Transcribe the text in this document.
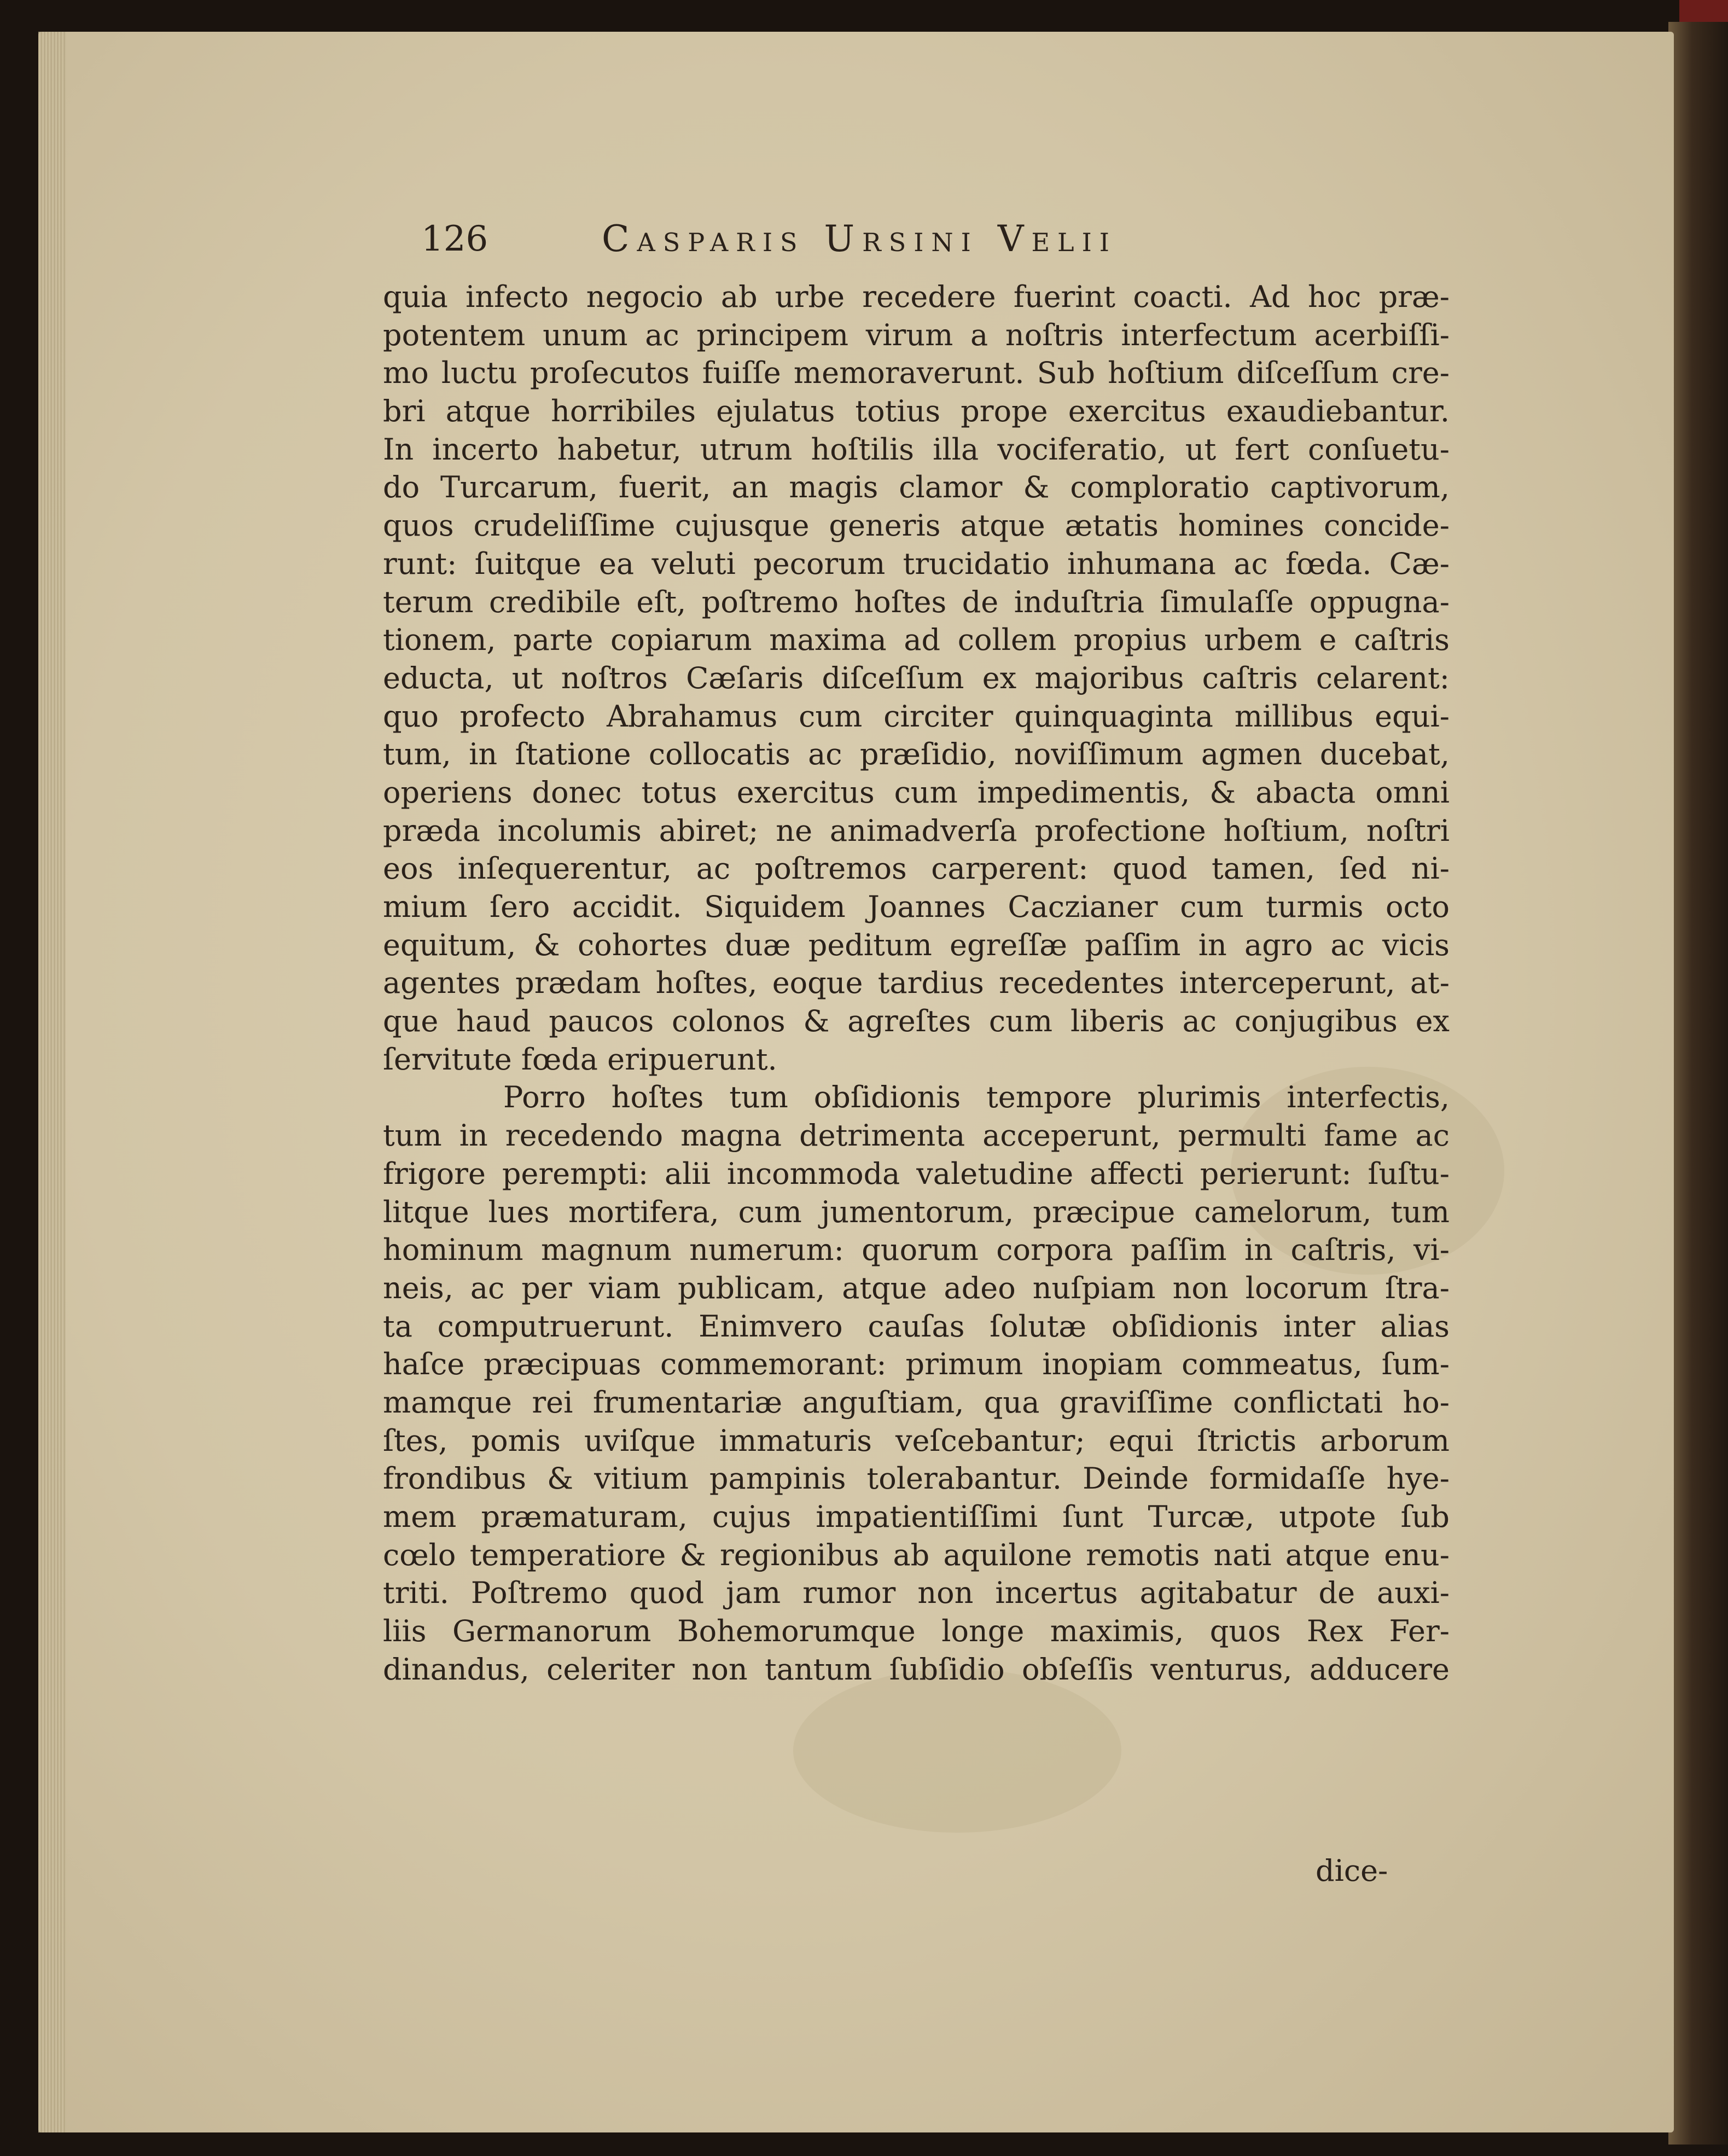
126	Casparis Ursini Velii
quia infecto negocio ab urbe recedere fuerint coacti. Ad hoc præ-
potentem unum ac principem virum a noſtris interfectum acerbiſſi-
mo luctu proſecutos fuiſſe memoraverunt. Sub hoſtium diſceſſum cre-
bri atque horribiles ejulatus totius prope exercitus exaudiebantur.
In incerto habetur, utrum hoſtilis illa vociferatio, ut fert conſuetu-
do Turcarum, fuerit, an magis clamor & comploratio captivorum,
quos crudeliſſime cujusque generis atque ætatis homines concide-
runt: ſuitque ea veluti pecorum trucidatio inhumana ac fœda. Cæ-
terum credibile eſt, poſtremo hoſtes de induſtria ſimulaſſe oppugna-
tionem, parte copiarum maxima ad collem propius urbem e caſtris
educta, ut noſtros Cæſaris diſceſſum ex majoribus caſtris celarent:
quo profecto Abrahamus cum circiter quinquaginta millibus equi-
tum, in ſtatione collocatis ac præſidio, noviſſimum agmen ducebat,
operiens donec totus exercitus cum impedimentis, & abacta omni
præda incolumis abiret; ne animadverſa profectione hoſtium, noſtri
eos inſequerentur, ac poſtremos carperent: quod tamen, ſed ni-
mium ſero accidit. Siquidem Joannes Caczianer cum turmis octo
equitum, & cohortes duæ peditum egreſſæ paſſim in agro ac vicis
agentes prædam hoſtes, eoque tardius recedentes interceperunt, at-
que haud paucos colonos & agreſtes cum liberis ac conjugibus ex
ſervitute fœda eripuerunt.
Porro hoſtes tum obſidionis tempore plurimis interfectis,
tum in recedendo magna detrimenta acceperunt, permulti fame ac
frigore perempti: alii incommoda valetudine affecti perierunt: ſuſtu-
litque lues mortifera, cum jumentorum, præcipue camelorum, tum
hominum magnum numerum: quorum corpora paſſim in caſtris, vi-
neis, ac per viam publicam, atque adeo nuſpiam non locorum ſtra-
ta computruerunt. Enimvero cauſas ſolutæ obſidionis inter alias
haſce præcipuas commemorant: primum inopiam commeatus, ſum-
mamque rei frumentariæ anguſtiam, qua graviſſime conflictati ho-
ſtes, pomis uviſque immaturis veſcebantur; equi ſtrictis arborum
frondibus & vitium pampinis tolerabantur. Deinde formidaſſe hye-
mem præmaturam, cujus impatientiſſimi ſunt Turcæ, utpote ſub
cœlo temperatiore & regionibus ab aquilone remotis nati atque enu-
triti. Poſtremo quod jam rumor non incertus agitabatur de auxi-
liis Germanorum Bohemorumque longe maximis, quos Rex Fer-
dinandus, celeriter non tantum ſubſidio obſeſſis venturus, adducere
dice-
